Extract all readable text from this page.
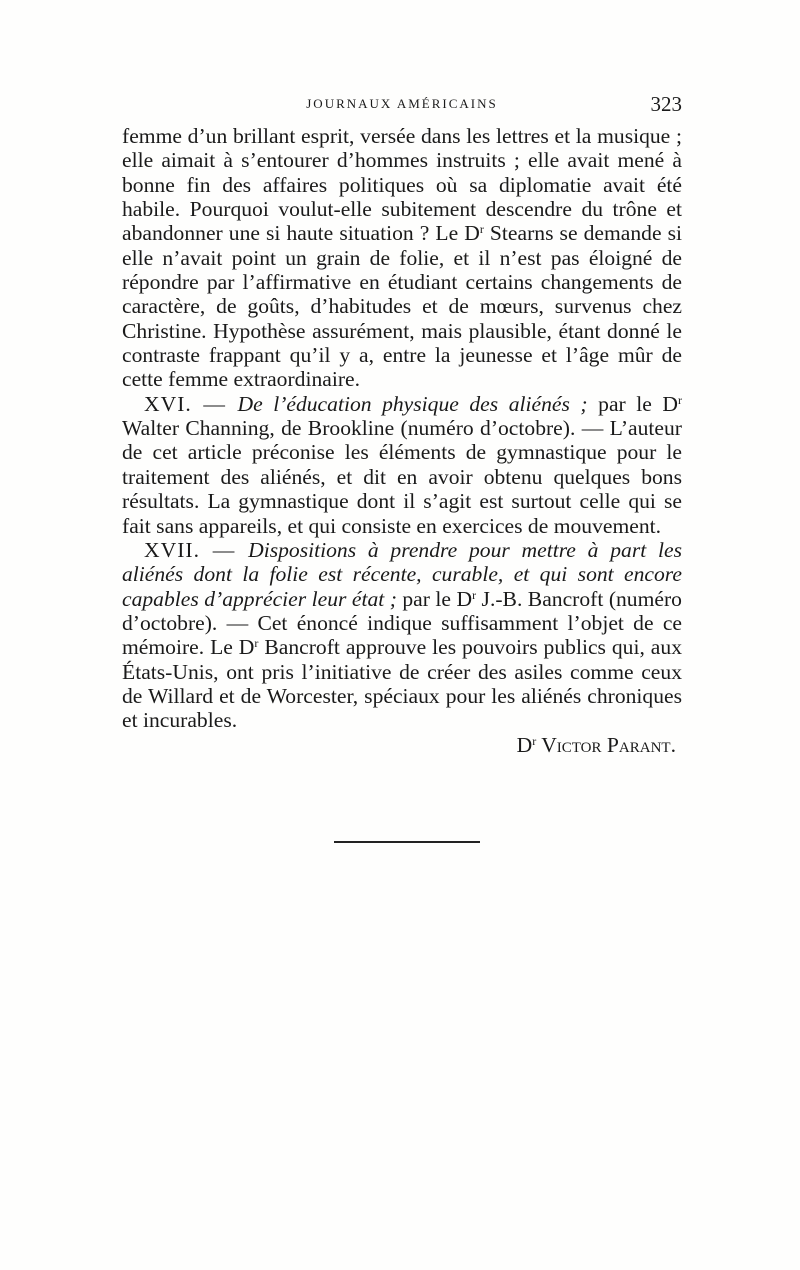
JOURNAUX AMÉRICAINS	323

femme d’un brillant esprit, versée dans les lettres et la musique ; elle aimait à s’entourer d’hommes instruits ; elle avait mené à bonne fin des affaires politiques où sa diplomatie avait été habile. Pourquoi voulut-elle subitement descendre du trône et abandonner une si haute situation ? Le $D^r$ Stearns se demande si elle n’avait point un grain de folie, et il n’est pas éloigné de répondre par l’affirmative en étudiant certains changements de caractère, de goûts, d’habitudes et de mœurs, survenus chez Christine. Hypothèse assurément, mais plausible, étant donné le contraste frappant qu’il y a, entre la jeunesse et l’âge mûr de cette femme extraordinaire.

XVI. — De l’éducation physique des aliénés ; par le $D^r$ Walter Channing, de Brookline (numéro d’octobre). — L’auteur de cet article préconise les éléments de gymnastique pour le traitement des aliénés, et dit en avoir obtenu quelques bons résultats. La gymnastique dont il s’agit est surtout celle qui se fait sans appareils, et qui consiste en exercices de mouvement.

XVII. — Dispositions à prendre pour mettre à part les aliénés dont la folie est récente, curable, et qui sont encore capables d’apprécier leur état ; par le $D^r$ J.-B. Bancroft (numéro d’octobre). — Cet énoncé indique suffisamment l’objet de ce mémoire. Le $D^r$ Bancroft approuve les pouvoirs publics qui, aux États-Unis, ont pris l’initiative de créer des asiles comme ceux de Willard et de Worcester, spéciaux pour les aliénés chroniques et incurables.

$D^r$ Victor Parant.
